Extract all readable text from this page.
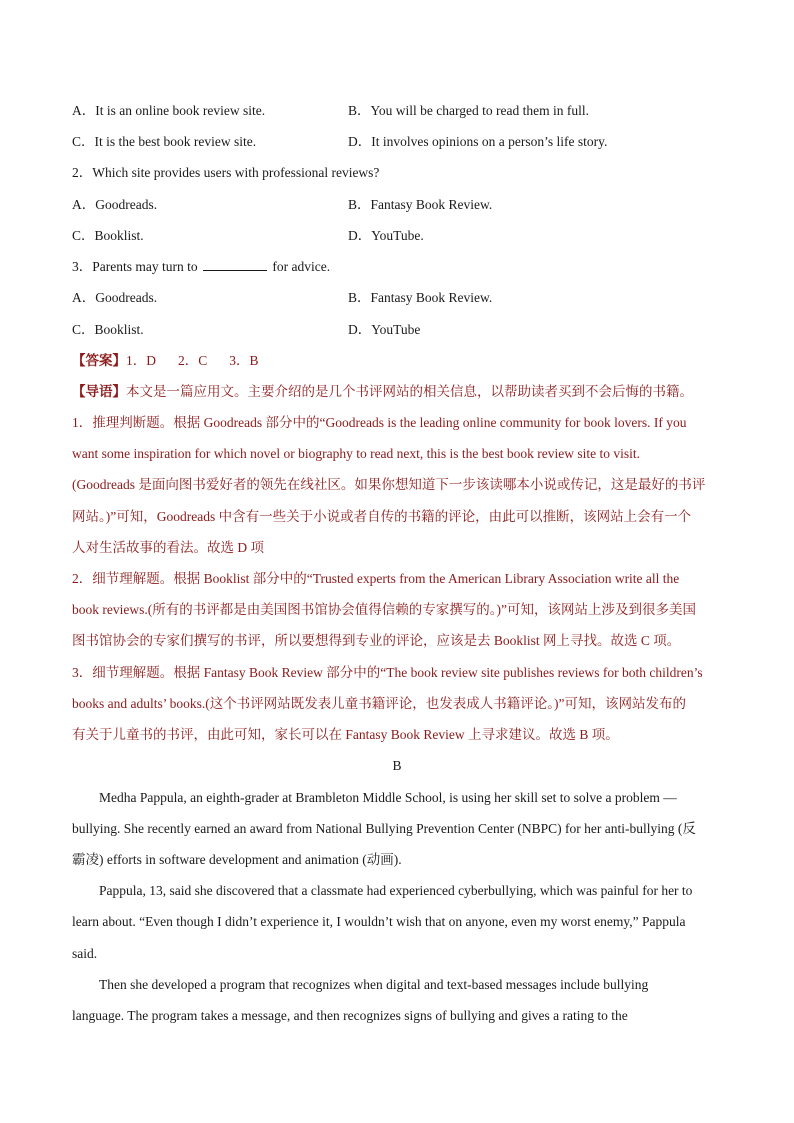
A．It is an online book review site.	B．You will be charged to read them in full.
C．It is the best book review site.	D．It involves opinions on a person’s life story.
2．Which site provides users with professional reviews?
A．Goodreads.	B．Fantasy Book Review.
C．Booklist.	D．YouTube.
3．Parents may turn to	for advice.
A．Goodreads.	B．Fantasy Book Review.
C．Booklist.	D．YouTube
【答案】1．D 2．C 3．B
【导语】本文是一篇应用文。主要介绍的是几个书评网站的相关信息，以帮助读者买到不会后悔的书籍。
1．推理判断题。根据 Goodreads 部分中的“Goodreads is the leading online community for book lovers. If you
want some inspiration for which novel or biography to read next, this is the best book review site to visit.
(Goodreads 是面向图书爱好者的领先在线社区。如果你想知道下一步该读哪本小说或传记，这是最好的书评
网站。)”可知，Goodreads 中含有一些关于小说或者自传的书籍的评论，由此可以推断，该网站上会有一个
人对生活故事的看法。故选 D 项
2．细节理解题。根据 Booklist 部分中的“Trusted experts from the American Library Association write all the
book reviews.(所有的书评都是由美国图书馆协会值得信赖的专家撰写的。)”可知，该网站上涉及到很多美国
图书馆协会的专家们撰写的书评，所以要想得到专业的评论，应该是去 Booklist 网上寻找。故选 C 项。
3．细节理解题。根据 Fantasy Book Review 部分中的“The book review site publishes reviews for both children’s
books and adults’ books.(这个书评网站既发表儿童书籍评论，也发表成人书籍评论。)”可知，该网站发布的
有关于儿童书的书评，由此可知，家长可以在 Fantasy Book Review 上寻求建议。故选 B 项。
B
Medha Pappula, an eighth-grader at Brambleton Middle School, is using her skill set to solve a problem —
bullying. She recently earned an award from National Bullying Prevention Center (NBPC) for her anti-bullying (反
霸凌) efforts in software development and animation (动画).
Pappula, 13, said she discovered that a classmate had experienced cyberbullying, which was painful for her to
learn about. “Even though I didn’t experience it, I wouldn’t wish that on anyone, even my worst enemy,” Pappula
said.
Then she developed a program that recognizes when digital and text-based messages include bullying
language. The program takes a message, and then recognizes signs of bullying and gives a rating to the
